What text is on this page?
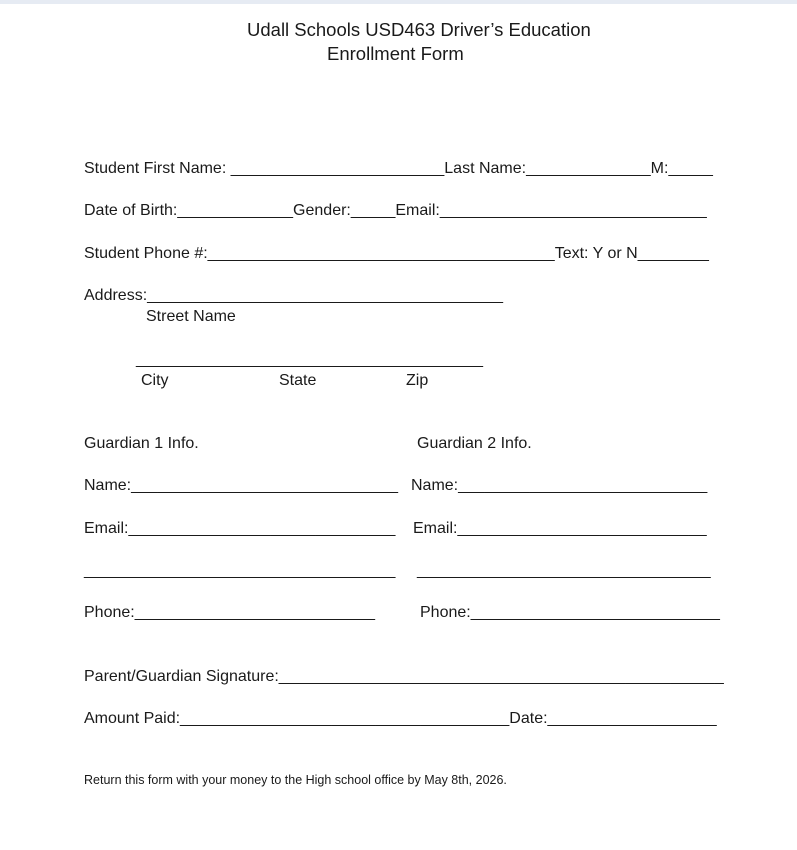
Udall Schools USD463 Driver’s Education
Enrollment Form
Student First Name: ________________________Last Name:______________M:_____
Date of Birth:_____________Gender:_____Email:______________________________
Student Phone #:_______________________________________Text: Y or N________
Address:________________________________________
Street Name
_______________________________________
City	State	Zip
Guardian 1 Info.	Guardian 2 Info.
Name:______________________________ Name:____________________________
Email:______________________________ Email:____________________________
___________________________________ _________________________________
Phone:___________________________	Phone:____________________________
Parent/Guardian Signature:__________________________________________________
Amount Paid:_____________________________________Date:___________________
Return this form with your money to the High school office by May 8th, 2026.
